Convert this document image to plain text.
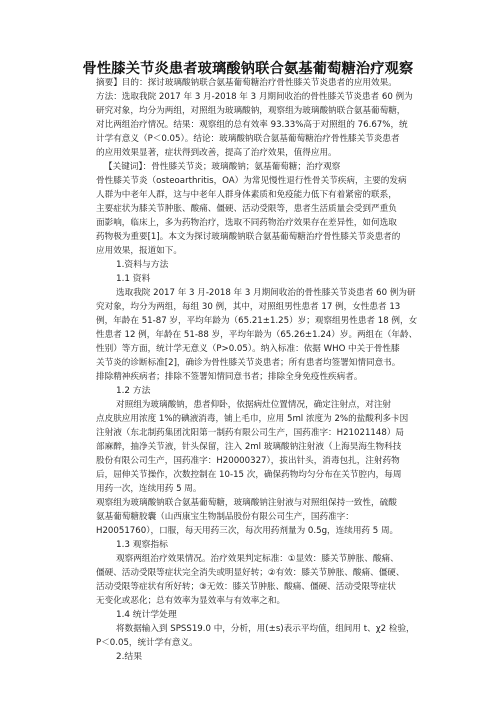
骨性膝关节炎患者玻璃酸钠联合氨基葡萄糖治疗观察
摘要】目的：探讨玻璃酸钠联合氨基葡萄糖治疗骨性膝关节炎患者的应用效果。
方法：选取我院 2017 年 3 月-2018 年 3 月期间收治的骨性膝关节炎患者 60 例为
研究对象，均分为两组，对照组为玻璃酸钠，观察组为玻璃酸钠联合氨基葡萄糖，
对比两组治疗情况。结果：观察组的总有效率 93.33%高于对照组的 76.67%，统
计学有意义（P＜0.05）。结论：玻璃酸钠联合氨基葡萄糖治疗骨性膝关节炎患者
的应用效果显著，症状得到改善，提高了治疗效果，值得应用。
【关键词】：骨性膝关节炎；玻璃酸钠；氨基葡萄糖；治疗观察
骨性膝关节炎（osteoarthritis，OA）为常见慢性退行性骨关节疾病，主要的发病
人群为中老年人群，这与中老年人群身体素质和免疫能力低下有着紧密的联系，
主要症状为膝关节肿胀、酸痛、僵硬、活动受限等，患者生活质量会受到严重负
面影响，临床上，多为药物治疗，选取不同药物治疗效果存在差异性，如何选取
药物极为重要[1]。本文为探讨玻璃酸钠联合氨基葡萄糖治疗骨性膝关节炎患者的
应用效果，报道如下。
1.资料与方法
1.1 资料
选取我院 2017 年 3 月-2018 年 3 月期间收治的骨性膝关节炎患者 60 例为研
究对象，均分为两组，每组 30 例，其中，对照组男性患者 17 例，女性患者 13
例，年龄在 51-87 岁，平均年龄为（65.21±1.25）岁；观察组男性患者 18 例，女
性患者 12 例，年龄在 51-88 岁，平均年龄为（65.26±1.24）岁。两组在（年龄、
性别）等方面，统计学无意义（P>0.05）。纳入标准：依据 WHO 中关于骨性膝
关节炎的诊断标准[2]，确诊为骨性膝关节炎患者；所有患者均签署知情同意书。
排除精神疾病者；排除不签署知情同意书者；排除全身免疫性疾病者。
1.2 方法
对照组为玻璃酸钠，患者仰卧，依据病灶位置情况，确定注射点，对注射
点皮肤应用浓度 1%的碘液消毒，铺上毛巾，应用 5ml 浓度为 2%的盐酸利多卡因
注射液（东北制药集团沈阳第一制药有限公司生产，国药准字：H21021148）局
部麻醉，抽净关节液，针头保留，注入 2ml 玻璃酸钠注射液（上海昊海生物科技
股份有限公司生产，国药准字：H20000327），拔出针头，消毒包扎，注射药物
后，屈伸关节操作，次数控制在 10-15 次，确保药物均匀分布在关节腔内，每周
用药一次，连续用药 5 周。
观察组为玻璃酸钠联合氨基葡萄糖，玻璃酸钠注射液与对照组保持一致性，硫酸
氨基葡萄糖胶囊（山西康宝生物制品股份有限公司生产，国药准字：
H20051760），口服，每天用药三次，每次用药剂量为 0.5g，连续用药 5 周。
1.3 观察指标
观察两组治疗效果情况。治疗效果判定标准：①显效：膝关节肿胀、酸痛、
僵硬、活动受限等症状完全消失或明显好转；②有效：膝关节肿胀、酸痛、僵硬、
活动受限等症状有所好转；③无效：膝关节肿胀、酸痛、僵硬、活动受限等症状
无变化或恶化；总有效率为显效率与有效率之和。
1.4 统计学处理
将数据输入到 SPSS19.0 中，分析，用(±s)表示平均值，组间用 t、χ2 检验，
P＜0.05，统计学有意义。
2.结果
